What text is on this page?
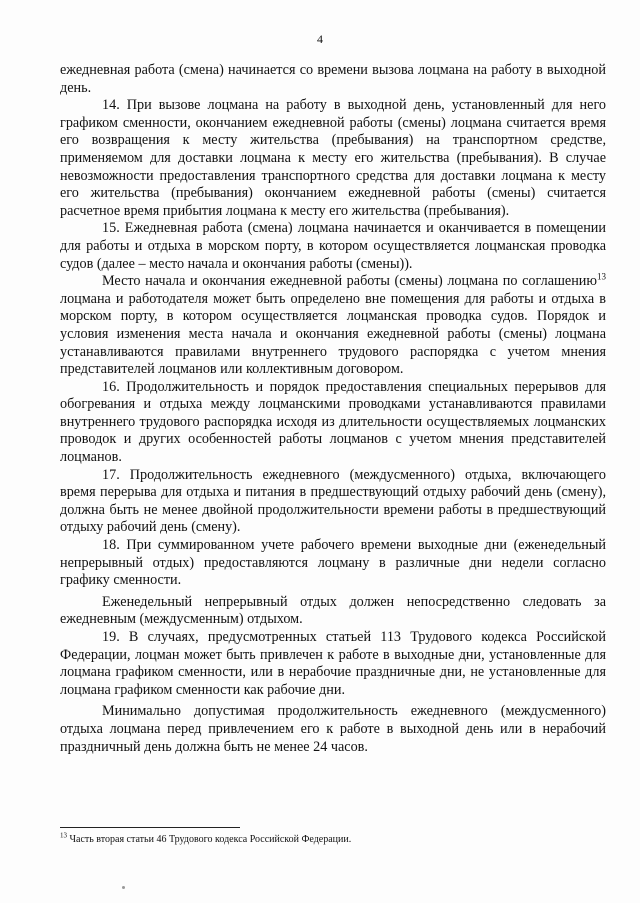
4

ежедневная работа (смена) начинается со времени вызова лоцмана на работу в выходной день.

14. При вызове лоцмана на работу в выходной день, установленный для него графиком сменности, окончанием ежедневной работы (смены) лоцмана считается время его возвращения к месту жительства (пребывания) на транспортном средстве, применяемом для доставки лоцмана к месту его жительства (пребывания). В случае невозможности предоставления транспортного средства для доставки лоцмана к месту его жительства (пребывания) окончанием ежедневной работы (смены) считается расчетное время прибытия лоцмана к месту его жительства (пребывания).

15. Ежедневная работа (смена) лоцмана начинается и оканчивается в помещении для работы и отдыха в морском порту, в котором осуществляется лоцманская проводка судов (далее – место начала и окончания работы (смены)).

Место начала и окончания ежедневной работы (смены) лоцмана по соглашению$^{13}$ лоцмана и работодателя может быть определено вне помещения для работы и отдыха в морском порту, в котором осуществляется лоцманская проводка судов. Порядок и условия изменения места начала и окончания ежедневной работы (смены) лоцмана устанавливаются правилами внутреннего трудового распорядка с учетом мнения представителей лоцманов или коллективным договором.

16. Продолжительность и порядок предоставления специальных перерывов для обогревания и отдыха между лоцманскими проводками устанавливаются правилами внутреннего трудового распорядка исходя из длительности осуществляемых лоцманских проводок и других особенностей работы лоцманов с учетом мнения представителей лоцманов.

17. Продолжительность ежедневного (междусменного) отдыха, включающего время перерыва для отдыха и питания в предшествующий отдыху рабочий день (смену), должна быть не менее двойной продолжительности времени работы в предшествующий отдыху рабочий день (смену).

18. При суммированном учете рабочего времени выходные дни (еженедельный непрерывный отдых) предоставляются лоцману в различные дни недели согласно графику сменности.

Еженедельный непрерывный отдых должен непосредственно следовать за ежедневным (междусменным) отдыхом.

19. В случаях, предусмотренных статьей 113 Трудового кодекса Российской Федерации, лоцман может быть привлечен к работе в выходные дни, установленные для лоцмана графиком сменности, или в нерабочие праздничные дни, не установленные для лоцмана графиком сменности как рабочие дни.

Минимально допустимая продолжительность ежедневного (междусменного) отдыха лоцмана перед привлечением его к работе в выходной день или в нерабочий праздничный день должна быть не менее 24 часов.

$^{13}$ Часть вторая статьи 46 Трудового кодекса Российской Федерации.
